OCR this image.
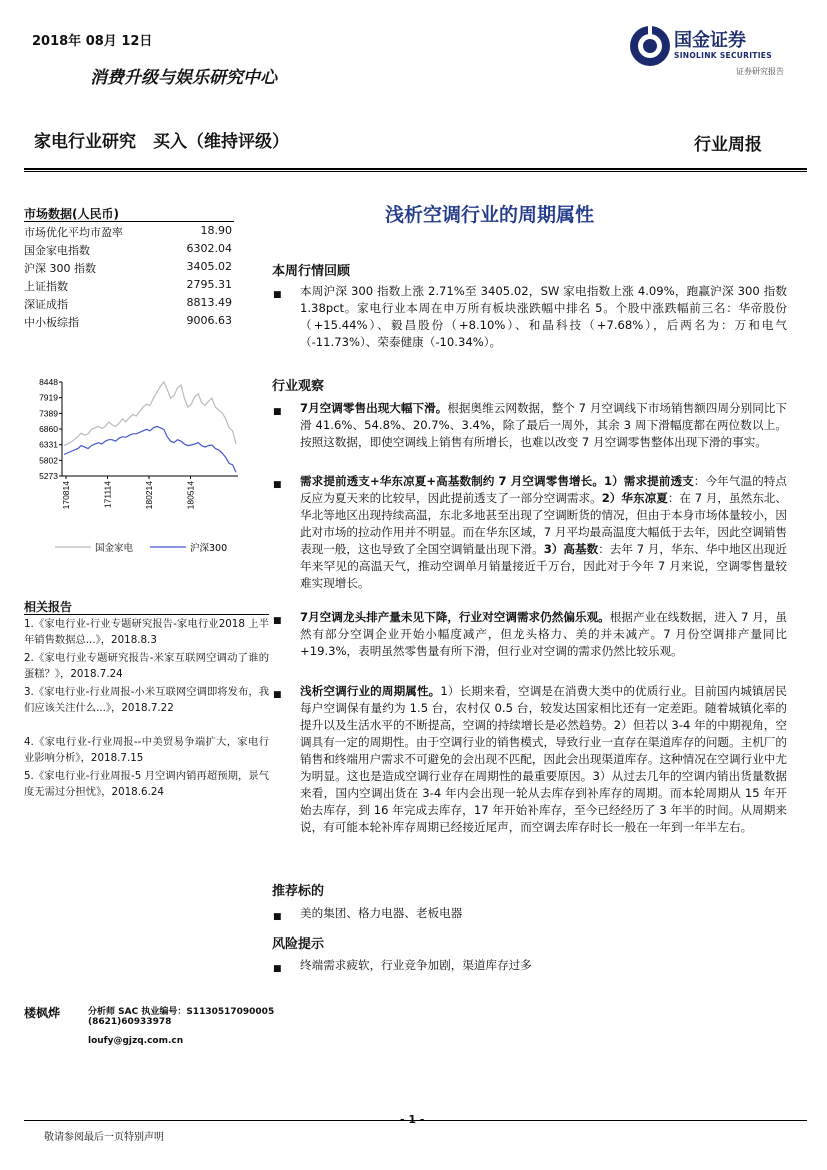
2018年 08月 12日
消费升级与娱乐研究中心
国金证券
SINOLINK SECURITIES
证券研究报告
家电行业研究　买入（维持评级）	行业周报
浅析空调行业的周期属性
市场数据(人民币)
市场优化平均市盈率	18.90
国金家电指数	6302.04
沪深 300 指数	3405.02
上证指数	2795.31
深证成指	8813.49
中小板综指	9006.63
8448
7919
7389
6860
6331
5802
5273
170814	171114	180214	180514
国金家电	沪深300
本周行情回顾
■ 本周沪深 300 指数上涨 2.71%至 3405.02，SW 家电指数上涨 4.09%，跑赢沪深 300 指数 1.38pct。家电行业本周在申万所有板块涨跌幅中排名 5。个股中涨跌幅前三名：华帝股份（+15.44%）、毅昌股份（+8.10%）、和晶科技（+7.68%），后两名为：万和电气（-11.73%）、荣泰健康（-10.34%）。
行业观察
■ 7月空调零售出现大幅下滑。根据奥维云网数据，整个 7 月空调线下市场销售额四周分别同比下滑 41.6%、54.8%、20.7%、3.4%，除了最后一周外，其余 3 周下滑幅度都在两位数以上。按照这数据，即使空调线上销售有所增长，也难以改变 7 月空调零售整体出现下滑的事实。
■ 需求提前透支+华东凉夏+高基数制约 7 月空调零售增长。1）需求提前透支：今年气温的特点反应为夏天来的比较早，因此提前透支了一部分空调需求。2）华东凉夏：在 7 月，虽然东北、华北等地区出现持续高温，东北多地甚至出现了空调断货的情况，但由于本身市场体量较小，因此对市场的拉动作用并不明显。而在华东区域，7 月平均最高温度大幅低于去年，因此空调销售表现一般，这也导致了全国空调销量出现下滑。3）高基数：去年 7 月，华东、华中地区出现近年来罕见的高温天气，推动空调单月销量接近千万台，因此对于今年 7 月来说，空调零售量较难实现增长。
■ 7月空调龙头排产量未见下降，行业对空调需求仍然偏乐观。根据产业在线数据，进入 7 月，虽然有部分空调企业开始小幅度减产，但龙头格力、美的并未减产。7 月份空调排产量同比+19.3%，表明虽然零售量有所下滑，但行业对空调的需求仍然比较乐观。
■ 浅析空调行业的周期属性。1）长期来看，空调是在消费大类中的优质行业。目前国内城镇居民每户空调保有量约为 1.5 台，农村仅 0.5 台，较发达国家相比还有一定差距。随着城镇化率的提升以及生活水平的不断提高，空调的持续增长是必然趋势。2）但若以 3-4 年的中期视角，空调具有一定的周期性。由于空调行业的销售模式，导致行业一直存在渠道库存的问题。主机厂的销售和终端用户需求不可避免的会出现不匹配，因此会出现渠道库存。这种情况在空调行业中尤为明显。这也是造成空调行业存在周期性的最重要原因。3）从过去几年的空调内销出货量数据来看，国内空调出货在 3-4 年内会出现一轮从去库存到补库存的周期。而本轮周期从 15 年开始去库存，到 16 年完成去库存，17 年开始补库存，至今已经经历了 3 年半的时间。从周期来说，有可能本轮补库存周期已经接近尾声，而空调去库存时长一般在一年到一年半左右。
推荐标的
■ 美的集团、格力电器、老板电器
风险提示
■ 终端需求疲软，行业竞争加剧，渠道库存过多
相关报告
1.《家电行业-行业专题研究报告-家电行业2018 上半年销售数据总...》，2018.8.3
2.《家电行业专题研究报告-米家互联网空调动了谁的蛋糕？》，2018.7.24
3.《家电行业-行业周报-小米互联网空调即将发布，我们应该关注什么...》，2018.7.22
4.《家电行业-行业周报--中美贸易争端扩大，家电行业影响分析》，2018.7.15
5.《家电行业-行业周报-5 月空调内销再超预期，景气度无需过分担忧》，2018.6.24
楼枫烨	分析师 SAC 执业编号：S1130517090005
(8621)60933978
loufy@gjzq.com.cn
- 1 -
敬请参阅最后一页特别声明
